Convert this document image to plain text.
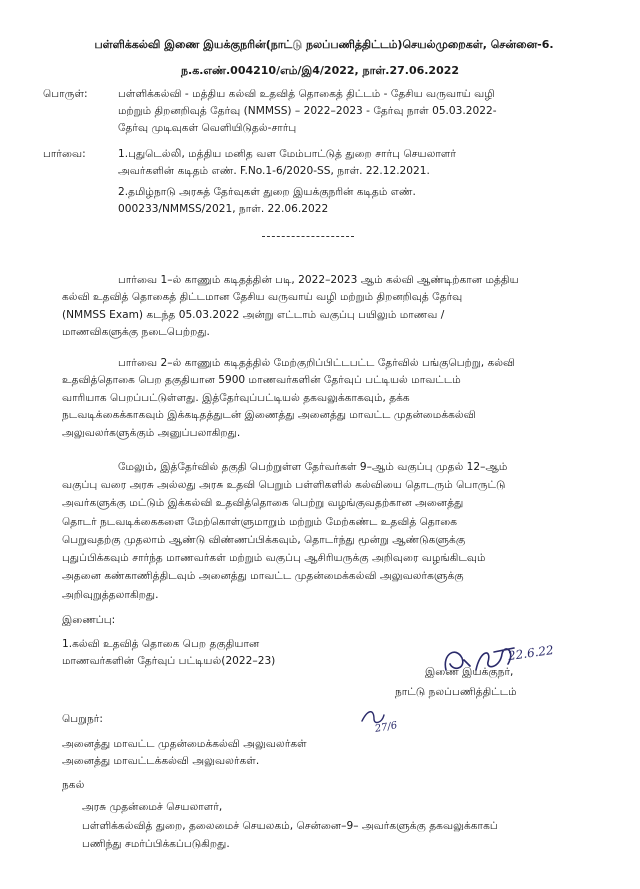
பள்ளிக்கல்வி இணை இயக்குநரின்(நாட்டு நலப்பணித்திட்டம்)செயல்முறைகள், சென்னை-6.
ந.க.எண்.004210/எம்/இ4/2022, நாள்.27.06.2022
பொருள்:	பள்ளிக்கல்வி - மத்திய கல்வி உதவித் தொகைத் திட்டம் - தேசிய வருவாய் வழி
மற்றும் திறனறிவுத் தேர்வு (NMMSS) – 2022–2023 - தேர்வு நாள் 05.03.2022-
தேர்வு முடிவுகள் வெளியிடுதல்-சார்பு
பார்வை:	1.புதுடெல்லி, மத்திய மனித வள மேம்பாட்டுத் துறை சார்பு செயலாளர்
அவர்களின் கடிதம் எண். F.No.1-6/2020-SS, நாள். 22.12.2021.
2.தமிழ்நாடு அரசுத் தேர்வுகள் துறை இயக்குநரின் கடிதம் எண்.
000233/NMMSS/2021, நாள். 22.06.2022
பார்வை 1–ல் காணும் கடிதத்தின் படி, 2022–2023 ஆம் கல்வி ஆண்டிற்கான மத்திய
கல்வி உதவித் தொகைத் திட்டமான தேசிய வருவாய் வழி மற்றும் திறனறிவுத் தேர்வு
(NMMSS Exam) கடந்த 05.03.2022 அன்று எட்டாம் வகுப்பு பயிலும் மாணவ /
மாணவிகளுக்கு நடைபெற்றது.
பார்வை 2–ல் காணும் கடிதத்தில் மேற்குறிப்பிட்டபட்ட தேர்வில் பங்குபெற்று, கல்வி
உதவித்தொகை பெற தகுதியான 5900 மாணவர்களின் தேர்வுப் பட்டியல் மாவட்டம்
வாரியாக பெறப்பட்டுள்ளது. இத்தேர்வுப்பட்டியல் தகவலுக்காகவும், தக்க
நடவடிக்கைக்காகவும் இக்கடிதத்துடன் இணைத்து அனைத்து மாவட்ட முதன்மைக்கல்வி
அலுவலர்களுக்கும் அனுப்பலாகிறது.
மேலும், இத்தேர்வில் தகுதி பெற்றுள்ள தேர்வர்கள் 9–ஆம் வகுப்பு முதல் 12–ஆம்
வகுப்பு வரை அரசு அல்லது அரசு உதவி பெறும் பள்ளிகளில் கல்வியை தொடரும் பொருட்டு
அவர்களுக்கு மட்டும் இக்கல்வி உதவித்தொகை பெற்று வழங்குவதற்கான அனைத்து
தொடர் நடவடிக்கைகளை மேற்கொள்ளுமாறும் மற்றும் மேற்கண்ட உதவித் தொகை
பெறுவதற்கு முதலாம் ஆண்டு விண்ணப்பிக்கவும், தொடர்ந்து மூன்று ஆண்டுகளுக்கு
புதுப்பிக்கவும் சார்ந்த மாணவர்கள் மற்றும் வகுப்பு ஆசிரியருக்கு அறிவுரை வழங்கிடவும்
அதனை கண்காணித்திடவும் அனைத்து மாவட்ட முதன்மைக்கல்வி அலுவலர்களுக்கு
அறிவுறுத்தலாகிறது.
இணைப்பு:
1.கல்வி உதவித் தொகை பெற தகுதியான
மாணவர்களின் தேர்வுப் பட்டியல்(2022–23)	22.6.22
இணை இயக்குநர்,
நாட்டு நலப்பணித்திட்டம்
27/6
பெறுநர்:
அனைத்து மாவட்ட முதன்மைக்கல்வி அலுவலர்கள்
அனைத்து மாவட்டக்கல்வி அலுவலர்கள்.
நகல்
அரசு முதன்மைச் செயலாளர்,
பள்ளிக்கல்வித் துறை, தலைமைச் செயலகம், சென்னை–9– அவர்களுக்கு தகவலுக்காகப்
பணிந்து சமர்ப்பிக்கப்படுகிறது.
